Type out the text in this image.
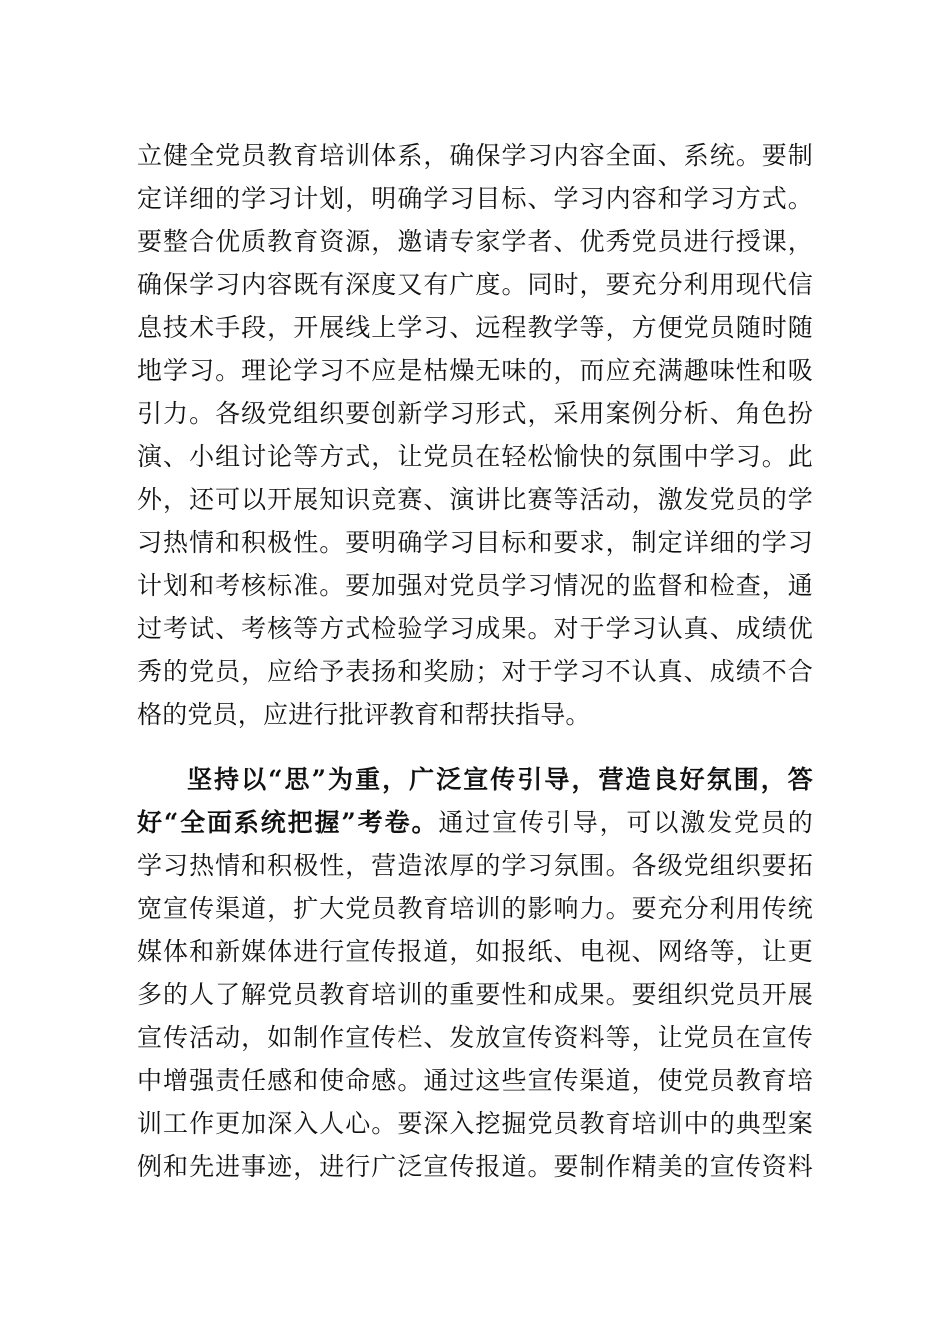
立健全党员教育培训体系，确保学习内容全面、系统。要制
定详细的学习计划，明确学习目标、学习内容和学习方式。
要整合优质教育资源，邀请专家学者、优秀党员进行授课，
确保学习内容既有深度又有广度。同时，要充分利用现代信
息技术手段，开展线上学习、远程教学等，方便党员随时随
地学习。理论学习不应是枯燥无味的，而应充满趣味性和吸
引力。各级党组织要创新学习形式，采用案例分析、角色扮
演、小组讨论等方式，让党员在轻松愉快的氛围中学习。此
外，还可以开展知识竞赛、演讲比赛等活动，激发党员的学
习热情和积极性。要明确学习目标和要求，制定详细的学习
计划和考核标准。要加强对党员学习情况的监督和检查，通
过考试、考核等方式检验学习成果。对于学习认真、成绩优
秀的党员，应给予表扬和奖励；对于学习不认真、成绩不合
格的党员，应进行批评教育和帮扶指导。
坚持以“思”为重，广泛宣传引导，营造良好氛围，答
好“全面系统把握”考卷。通过宣传引导，可以激发党员的
学习热情和积极性，营造浓厚的学习氛围。各级党组织要拓
宽宣传渠道，扩大党员教育培训的影响力。要充分利用传统
媒体和新媒体进行宣传报道，如报纸、电视、网络等，让更
多的人了解党员教育培训的重要性和成果。要组织党员开展
宣传活动，如制作宣传栏、发放宣传资料等，让党员在宣传
中增强责任感和使命感。通过这些宣传渠道，使党员教育培
训工作更加深入人心。要深入挖掘党员教育培训中的典型案
例和先进事迹，进行广泛宣传报道。要制作精美的宣传资料
